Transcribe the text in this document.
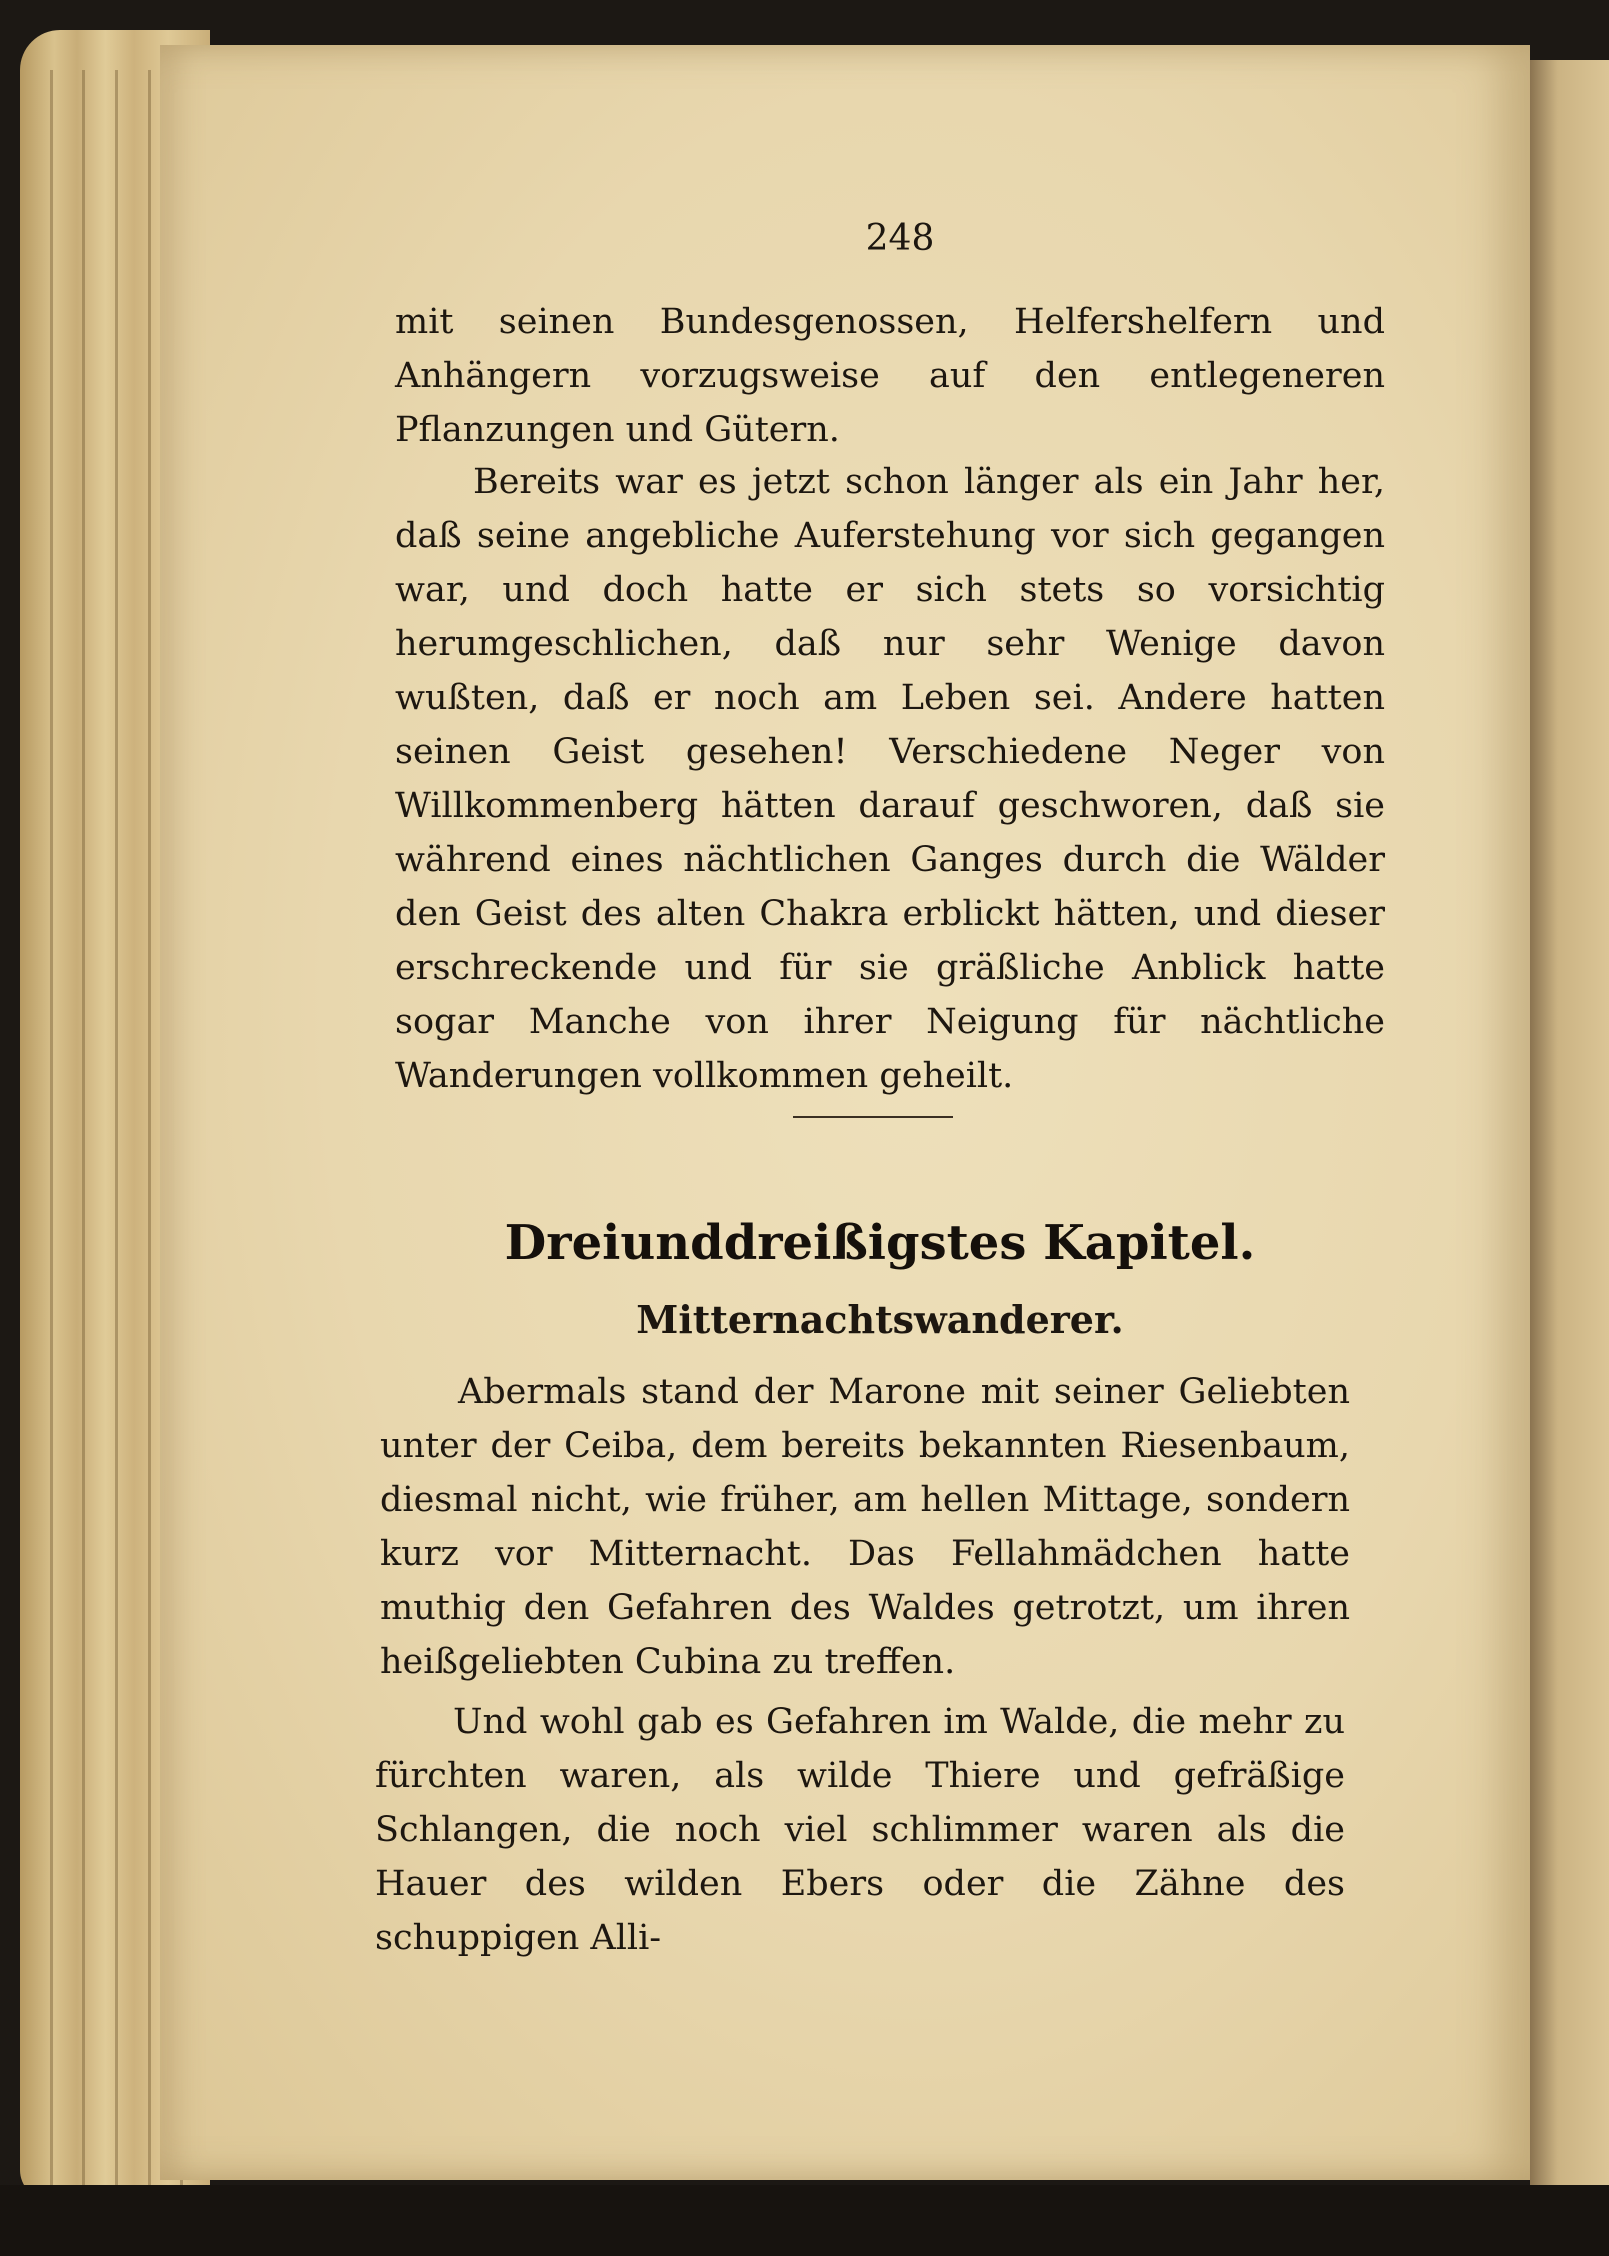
248

mit seinen Bundesgenossen, Helfershelfern und Anhängern vorzugsweise auf den entlegeneren Pflanzungen und Gütern.

Bereits war es jetzt schon länger als ein Jahr her, daß seine angebliche Auferstehung vor sich gegangen war, und doch hatte er sich stets so vorsichtig herumgeschlichen, daß nur sehr Wenige davon wußten, daß er noch am Leben sei. Andere hatten seinen Geist gesehen! Verschiedene Neger von Willkommenberg hätten darauf geschworen, daß sie während eines nächtlichen Ganges durch die Wälder den Geist des alten Chakra erblickt hätten, und dieser erschreckende und für sie gräßliche Anblick hatte sogar Manche von ihrer Neigung für nächtliche Wanderungen vollkommen geheilt.

Dreiunddreißigstes Kapitel.
Mitternachtswanderer.

Abermals stand der Marone mit seiner Geliebten unter der Ceiba, dem bereits bekannten Riesenbaum, diesmal nicht, wie früher, am hellen Mittage, sondern kurz vor Mitternacht. Das Fellahmädchen hatte muthig den Gefahren des Waldes getrotzt, um ihren heißgeliebten Cubina zu treffen.

Und wohl gab es Gefahren im Walde, die mehr zu fürchten waren, als wilde Thiere und gefräßige Schlangen, die noch viel schlimmer waren als die Hauer des wilden Ebers oder die Zähne des schuppigen Alli-
